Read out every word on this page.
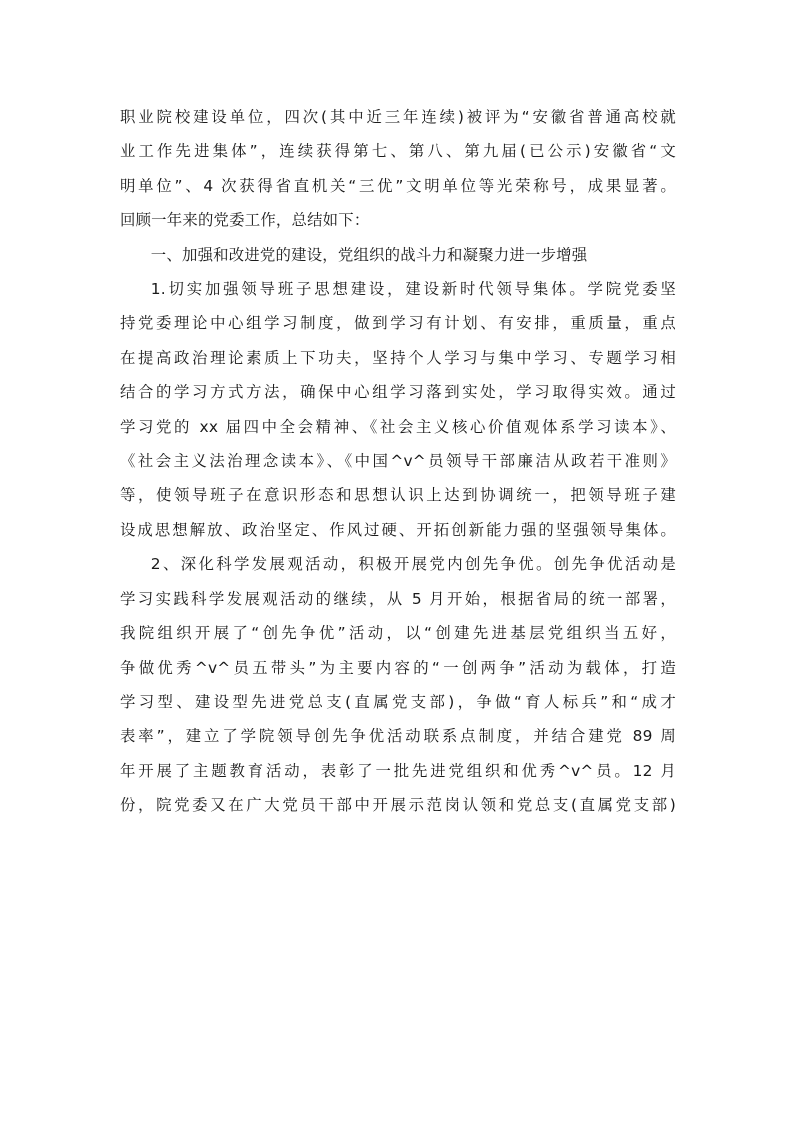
职业院校建设单位，四次(其中近三年连续)被评为“安徽省普通高校就

业工作先进集体”，连续获得第七、第八、第九届(已公示)安徽省“文

明单位”、4 次获得省直机关“三优”文明单位等光荣称号，成果显著。

回顾一年来的党委工作，总结如下：

一、加强和改进党的建设，党组织的战斗力和凝聚力进一步增强

1.切实加强领导班子思想建设，建设新时代领导集体。学院党委坚

持党委理论中心组学习制度，做到学习有计划、有安排，重质量，重点

在提高政治理论素质上下功夫，坚持个人学习与集中学习、专题学习相

结合的学习方式方法，确保中心组学习落到实处，学习取得实效。通过

学习党的 xx 届四中全会精神、《社会主义核心价值观体系学习读本》、

《社会主义法治理念读本》、《中国^v^员领导干部廉洁从政若干准则》

等，使领导班子在意识形态和思想认识上达到协调统一，把领导班子建

设成思想解放、政治坚定、作风过硬、开拓创新能力强的坚强领导集体。

2、深化科学发展观活动，积极开展党内创先争优。创先争优活动是

学习实践科学发展观活动的继续，从 5 月开始，根据省局的统一部署，

我院组织开展了“创先争优”活动，以“创建先进基层党组织当五好，

争做优秀^v^员五带头”为主要内容的“一创两争”活动为载体，打造

学习型、建设型先进党总支(直属党支部)，争做“育人标兵”和“成才

表率”，建立了学院领导创先争优活动联系点制度，并结合建党 89 周

年开展了主题教育活动，表彰了一批先进党组织和优秀^v^员。12 月

份，院党委又在广大党员干部中开展示范岗认领和党总支(直属党支部)
